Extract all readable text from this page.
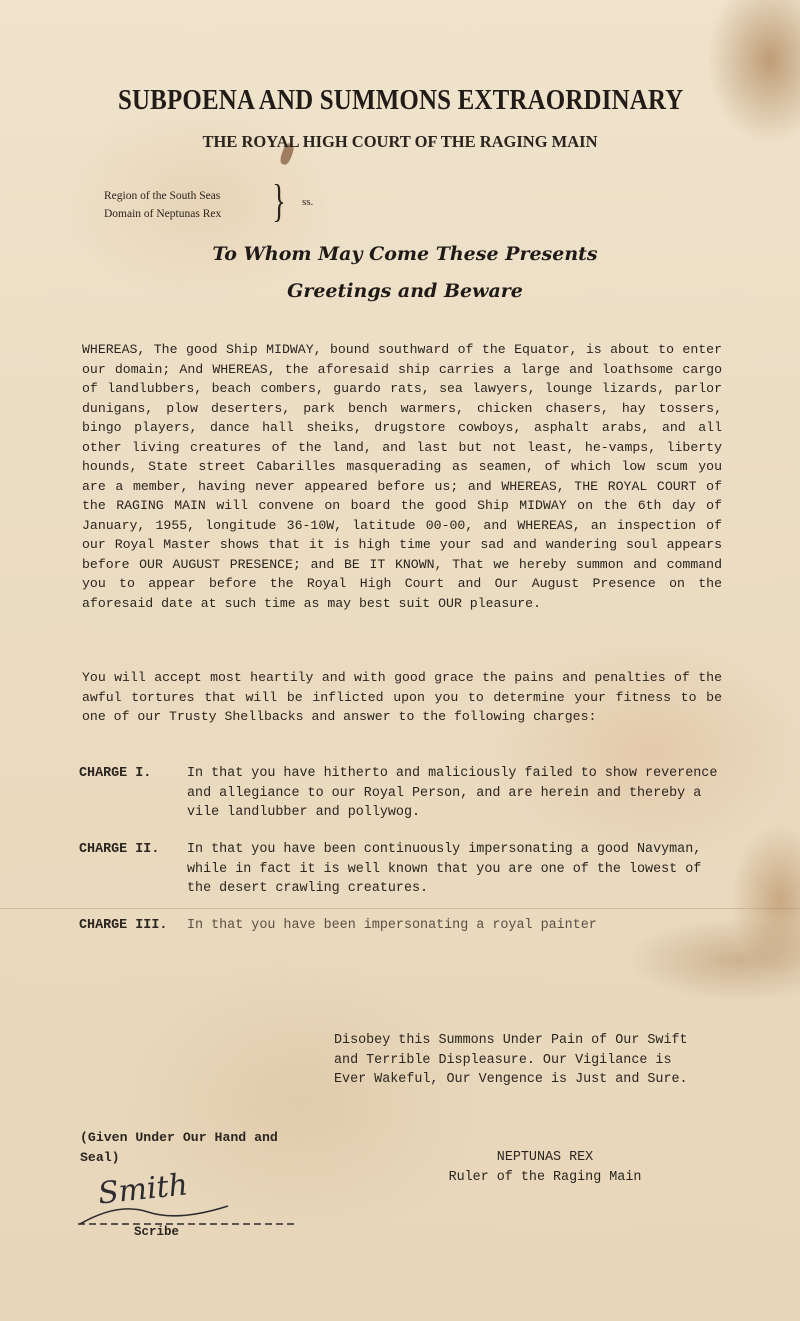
SUBPOENA AND SUMMONS EXTRAORDINARY
THE ROYAL HIGH COURT OF THE RAGING MAIN
Region of the South Seas
Domain of Neptunas Rex } ss.
To Whom May Come These Presents
Greetings and Beware

WHEREAS, The good Ship MIDWAY, bound southward of the Equator, is about to enter our domain; And WHEREAS, the aforesaid ship carries a large and loathsome cargo of landlubbers, beach combers, guardo rats, sea lawyers, lounge lizards, parlor dunigans, plow deserters, park bench warmers, chicken chasers, hay tossers, bingo players, dance hall sheiks, drugstore cowboys, asphalt arabs, and all other living creatures of the land, and last but not least, he-vamps, liberty hounds, State street Cabarilles masquerading as seamen, of which low scum you are a member, having never appeared before us; and WHEREAS, THE ROYAL COURT of the RAGING MAIN will convene on board the good Ship MIDWAY on the 6th day of January, 1955, longitude 36-10W, latitude 00-00, and WHEREAS, an inspection of our Royal Master shows that it is high time your sad and wandering soul appears before OUR AUGUST PRESENCE; and BE IT KNOWN, That we hereby summon and command you to appear before the Royal High Court and Our August Presence on the aforesaid date at such time as may best suit OUR pleasure.

You will accept most heartily and with good grace the pains and penalties of the awful tortures that will be inflicted upon you to determine your fitness to be one of our Trusty Shellbacks and answer to the following charges:

CHARGE I.	In that you have hitherto and maliciously failed to show reverence and allegiance to our Royal Person, and are herein and thereby a vile landlubber and pollywog.

CHARGE II. In that you have been continuously impersonating a good Navyman, while in fact it is well known that you are one of the lowest of the desert crawling creatures.

CHARGE III. In that you have been impersonating a royal painter

Disobey this Summons Under Pain of Our Swift and Terrible Displeasure. Our Vigilance is Ever Wakeful, Our Vengence is Just and Sure.

(Given Under Our Hand and Seal)	NEPTUNAS REX
Ruler of the Raging Main
Smith
Scribe
